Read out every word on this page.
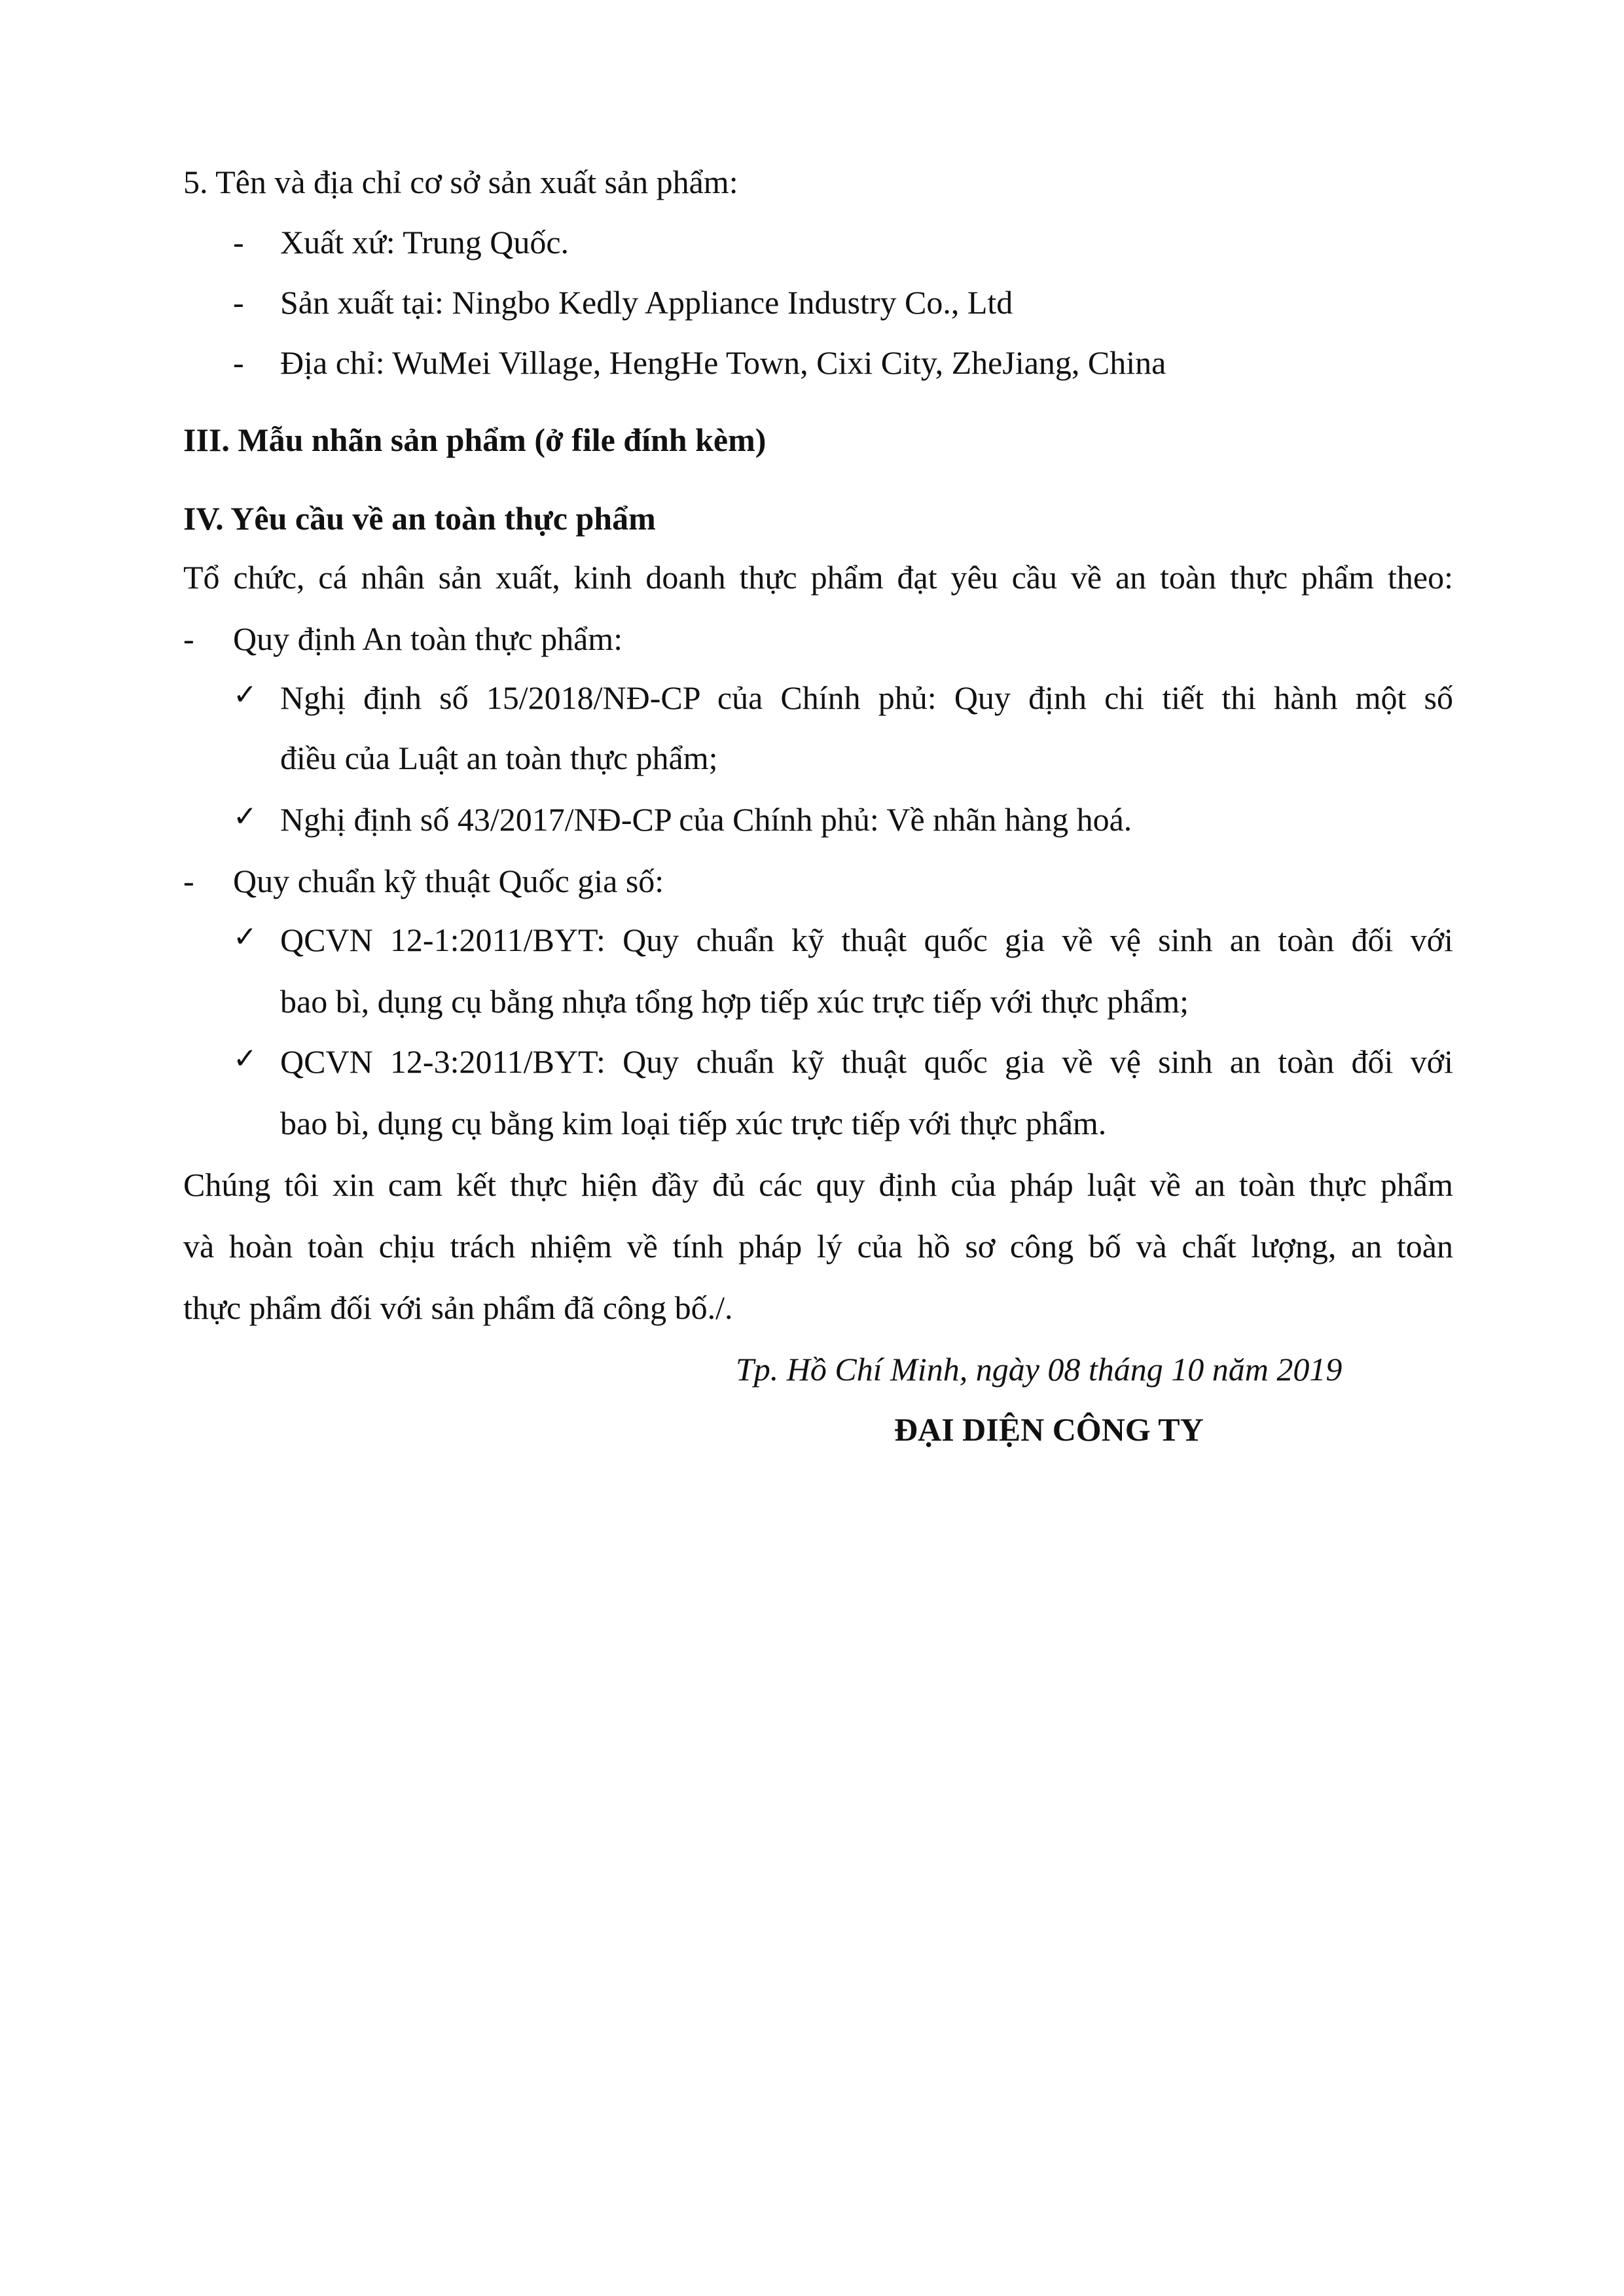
5. Tên và địa chỉ cơ sở sản xuất sản phẩm:
- Xuất xứ: Trung Quốc.
- Sản xuất tại: Ningbo Kedly Appliance Industry Co., Ltd
- Địa chỉ: WuMei Village, HengHe Town, Cixi City, ZheJiang, China
III. Mẫu nhãn sản phẩm (ở file đính kèm)
IV. Yêu cầu về an toàn thực phẩm
Tổ chức, cá nhân sản xuất, kinh doanh thực phẩm đạt yêu cầu về an toàn thực phẩm theo:
- Quy định An toàn thực phẩm:
✓ Nghị định số 15/2018/NĐ-CP của Chính phủ: Quy định chi tiết thi hành một số
điều của Luật an toàn thực phẩm;
✓ Nghị định số 43/2017/NĐ-CP của Chính phủ: Về nhãn hàng hoá.
- Quy chuẩn kỹ thuật Quốc gia số:
✓ QCVN 12-1:2011/BYT: Quy chuẩn kỹ thuật quốc gia về vệ sinh an toàn đối với
bao bì, dụng cụ bằng nhựa tổng hợp tiếp xúc trực tiếp với thực phẩm;
✓ QCVN 12-3:2011/BYT: Quy chuẩn kỹ thuật quốc gia về vệ sinh an toàn đối với
bao bì, dụng cụ bằng kim loại tiếp xúc trực tiếp với thực phẩm.
Chúng tôi xin cam kết thực hiện đầy đủ các quy định của pháp luật về an toàn thực phẩm
và hoàn toàn chịu trách nhiệm về tính pháp lý của hồ sơ công bố và chất lượng, an toàn
thực phẩm đối với sản phẩm đã công bố./.
Tp. Hồ Chí Minh, ngày 08 tháng 10 năm 2019
ĐẠI DIỆN CÔNG TY
